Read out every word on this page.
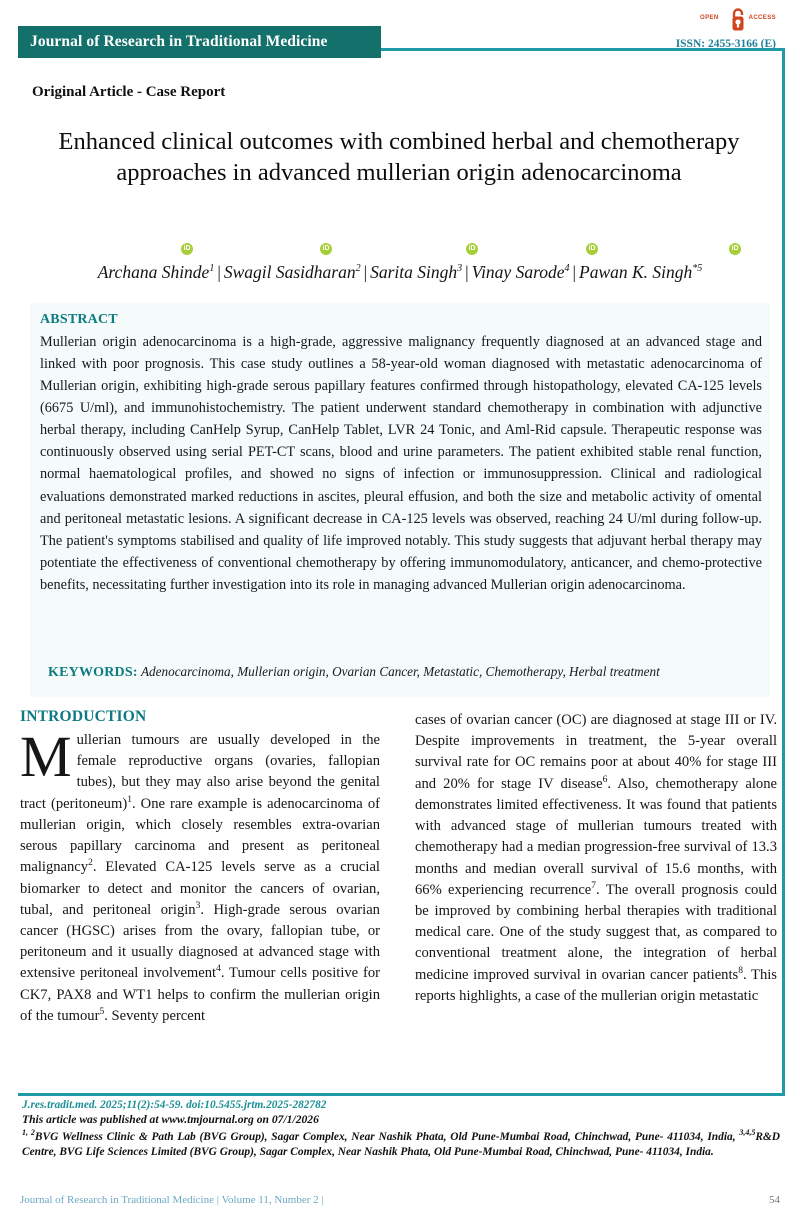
Journal of Research in Traditional Medicine	ISSN: 2455-3166 (E)
OPEN	ACCESS
Original Article - Case Report
Enhanced clinical outcomes with combined herbal and chemotherapy approaches in advanced mullerian origin adenocarcinoma
iD	iD	iD	iD	iD
Archana Shinde$^1$ | Swagil Sasidharan$^2$ | Sarita Singh$^3$ | Vinay Sarode$^4$ | Pawan K. Singh$^{*5}$
ABSTRACT
Mullerian origin adenocarcinoma is a high-grade, aggressive malignancy frequently diagnosed at an advanced stage and linked with poor prognosis. This case study outlines a 58-year-old woman diagnosed with metastatic adenocarcinoma of Mullerian origin, exhibiting high-grade serous papillary features confirmed through histopathology, elevated CA-125 levels (6675 U/ml), and immunohistochemistry. The patient underwent standard chemotherapy in combination with adjunctive herbal therapy, including CanHelp Syrup, CanHelp Tablet, LVR 24 Tonic, and Aml-Rid capsule. Therapeutic response was continuously observed using serial PET-CT scans, blood and urine parameters. The patient exhibited stable renal function, normal haematological profiles, and showed no signs of infection or immunosuppression. Clinical and radiological evaluations demonstrated marked reductions in ascites, pleural effusion, and both the size and metabolic activity of omental and peritoneal metastatic lesions. A significant decrease in CA-125 levels was observed, reaching 24 U/ml during follow-up. The patient's symptoms stabilised and quality of life improved notably. This study suggests that adjuvant herbal therapy may potentiate the effectiveness of conventional chemotherapy by offering immunomodulatory, anticancer, and chemo-protective benefits, necessitating further investigation into its role in managing advanced Mullerian origin adenocarcinoma.
KEYWORDS: Adenocarcinoma, Mullerian origin, Ovarian Cancer, Metastatic, Chemotherapy, Herbal treatment
INTRODUCTION
Mullerian tumours are usually developed in the female reproductive organs (ovaries, fallopian tubes), but they may also arise beyond the genital tract (peritoneum)$^1$. One rare example is adenocarcinoma of mullerian origin, which closely resembles extra-ovarian serous papillary carcinoma and present as peritoneal malignancy$^2$. Elevated CA-125 levels serve as a crucial biomarker to detect and monitor the cancers of ovarian, tubal, and peritoneal origin$^3$. High-grade serous ovarian cancer (HGSC) arises from the ovary, fallopian tube, or peritoneum and it usually diagnosed at advanced stage with extensive peritoneal involvement$^4$. Tumour cells positive for CK7, PAX8 and WT1 helps to confirm the mullerian origin of the tumour$^5$. Seventy percent
cases of ovarian cancer (OC) are diagnosed at stage III or IV. Despite improvements in treatment, the 5-year overall survival rate for OC remains poor at about 40% for stage III and 20% for stage IV disease$^6$. Also, chemotherapy alone demonstrates limited effectiveness. It was found that patients with advanced stage of mullerian tumours treated with chemotherapy had a median progression-free survival of 13.3 months and median overall survival of 15.6 months, with 66% experiencing recurrence$^7$. The overall prognosis could be improved by combining herbal therapies with traditional medical care. One of the study suggest that, as compared to conventional treatment alone, the integration of herbal medicine improved survival in ovarian cancer patients$^8$. This reports highlights, a case of the mullerian origin metastatic
J.res.tradit.med. 2025;11(2):54-59. doi:10.5455.jrtm.2025-282782
This article was published at www.tmjournal.org on 07/1/2026
$^{1, 2}$BVG Wellness Clinic & Path Lab (BVG Group), Sagar Complex, Near Nashik Phata, Old Pune-Mumbai Road, Chinchwad, Pune- 411034, India, $^{3,4,5}$R&D Centre, BVG Life Sciences Limited (BVG Group), Sagar Complex, Near Nashik Phata, Old Pune-Mumbai Road, Chinchwad, Pune- 411034, India.
Journal of Research in Traditional Medicine | Volume 11, Number 2 |	54
